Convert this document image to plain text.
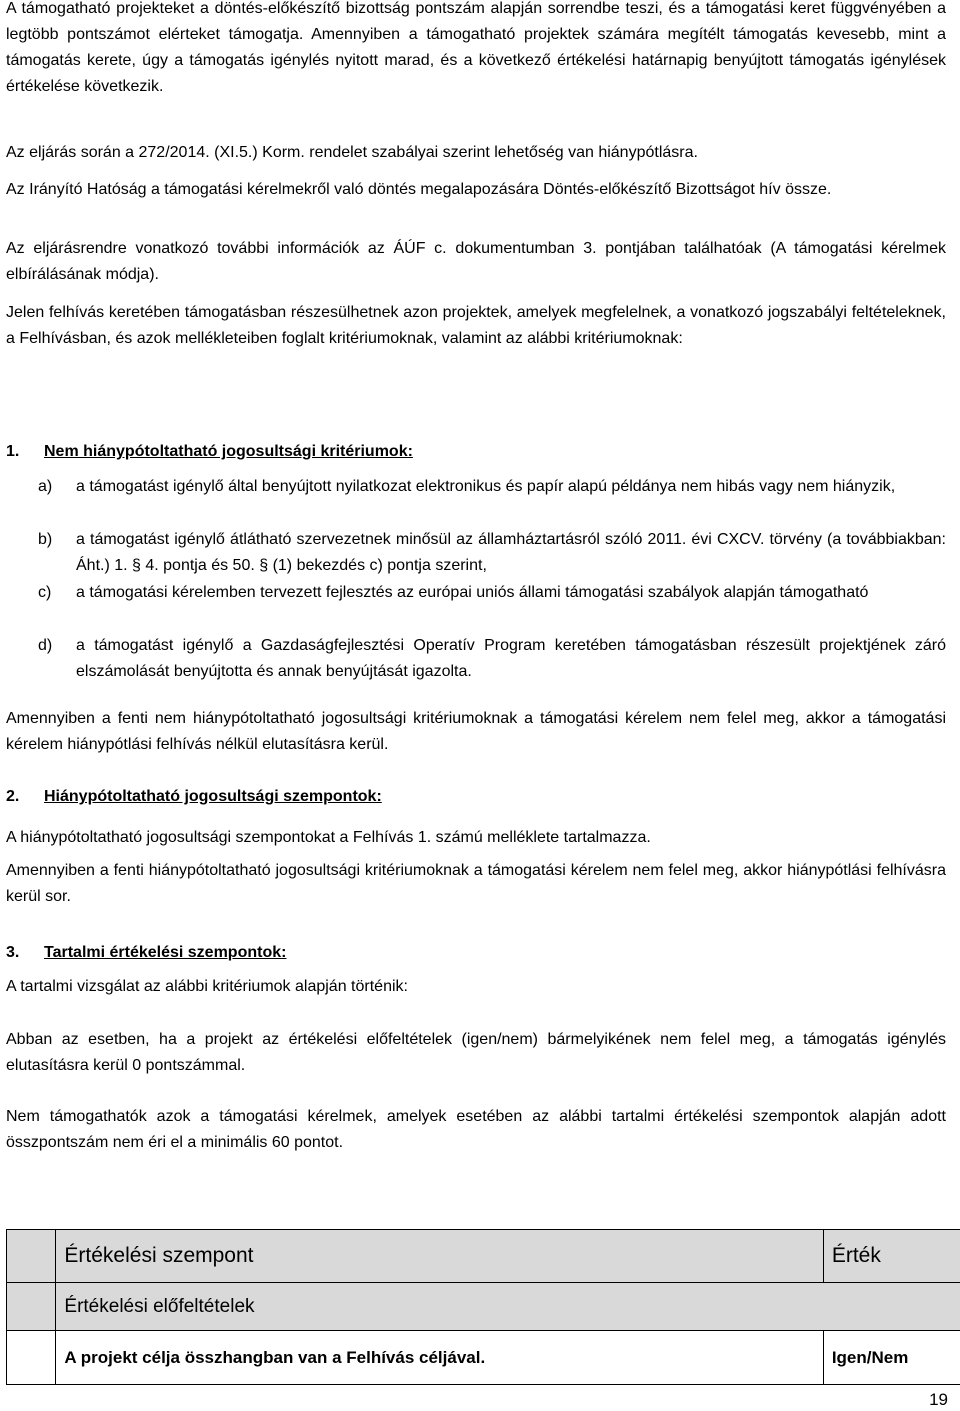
A támogatható projekteket a döntés-előkészítő bizottság pontszám alapján sorrendbe teszi, és a támogatási keret függvényében a legtöbb pontszámot elérteket támogatja. Amennyiben a támogatható projektek számára megítélt támogatás kevesebb, mint a támogatás kerete, úgy a támogatás igénylés nyitott marad, és a következő értékelési határnapig benyújtott támogatás igénylések értékelése következik.

Az eljárás során a 272/2014. (XI.5.) Korm. rendelet szabályai szerint lehetőség van hiánypótlásra.

Az Irányító Hatóság a támogatási kérelmekről való döntés megalapozására Döntés-előkészítő Bizottságot hív össze.

Az eljárásrendre vonatkozó további információk az ÁÚF c. dokumentumban 3. pontjában találhatóak (A támogatási kérelmek elbírálásának módja).

Jelen felhívás keretében támogatásban részesülhetnek azon projektek, amelyek megfelelnek, a vonatkozó jogszabályi feltételeknek, a Felhívásban, és azok mellékleteiben foglalt kritériumoknak, valamint az alábbi kritériumoknak:

1. Nem hiánypótoltatható jogosultsági kritériumok:
a)	a támogatást igénylő által benyújtott nyilatkozat elektronikus és papír alapú példánya nem hibás vagy nem hiányzik,
b)	a támogatást igénylő átlátható szervezetnek minősül az államháztartásról szóló 2011. évi CXCV. törvény (a továbbiakban: Áht.) 1. § 4. pontja és 50. § (1) bekezdés c) pontja szerint,
c)	a támogatási kérelemben tervezett fejlesztés az európai uniós állami támogatási szabályok alapján támogatható
d)	a támogatást igénylő a Gazdaságfejlesztési Operatív Program keretében támogatásban részesült projektjének záró elszámolását benyújtotta és annak benyújtását igazolta.

Amennyiben a fenti nem hiánypótoltatható jogosultsági kritériumoknak a támogatási kérelem nem felel meg, akkor a támogatási kérelem hiánypótlási felhívás nélkül elutasításra kerül.

2. Hiánypótoltatható jogosultsági szempontok:

A hiánypótoltatható jogosultsági szempontokat a Felhívás 1. számú melléklete tartalmazza.

Amennyiben a fenti hiánypótoltatható jogosultsági kritériumoknak a támogatási kérelem nem felel meg, akkor hiánypótlási felhívásra kerül sor.

3. Tartalmi értékelési szempontok:

A tartalmi vizsgálat az alábbi kritériumok alapján történik:

Abban az esetben, ha a projekt az értékelési előfeltételek (igen/nem) bármelyikének nem felel meg, a támogatás igénylés elutasításra kerül 0 pontszámmal.

Nem támogathatók azok a támogatási kérelmek, amelyek esetében az alábbi tartalmi értékelési szempontok alapján adott összpontszám nem éri el a minimális 60 pontot.

	Értékelési szempont	Érték
	Értékelési előfeltételek	
	A projekt célja összhangban van a Felhívás céljával.	Igen/Nem
19
